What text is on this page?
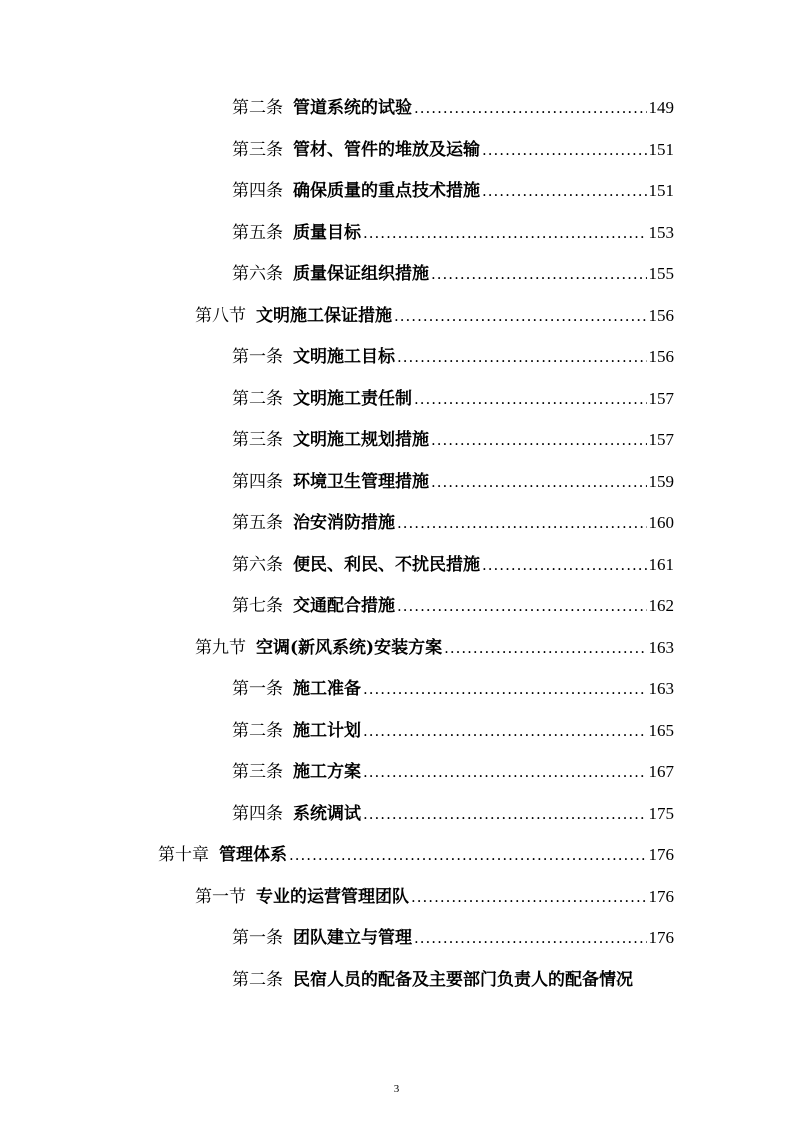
第二条 管道系统的试验 .....	149
第三条 管材、管件的堆放及运输 .....	151
第四条 确保质量的重点技术措施 .....	151
第五条 质量目标 .....	153
第六条 质量保证组织措施 .....	155
第八节 文明施工保证措施 .....	156
第一条 文明施工目标 .....	156
第二条 文明施工责任制 .....	157
第三条 文明施工规划措施 .....	157
第四条 环境卫生管理措施 .....	159
第五条 治安消防措施 .....	160
第六条 便民、利民、不扰民措施 .....	161
第七条 交通配合措施 .....	162
第九节 空调(新风系统)安装方案 .....	163
第一条 施工准备 .....	163
第二条 施工计划 .....	165
第三条 施工方案 .....	167
第四条 系统调试 .....	175
第十章 管理体系 .....	176
第一节 专业的运营管理团队 .....	176
第一条 团队建立与管理 .....	176
第二条 民宿人员的配备及主要部门负责人的配备情况
3
